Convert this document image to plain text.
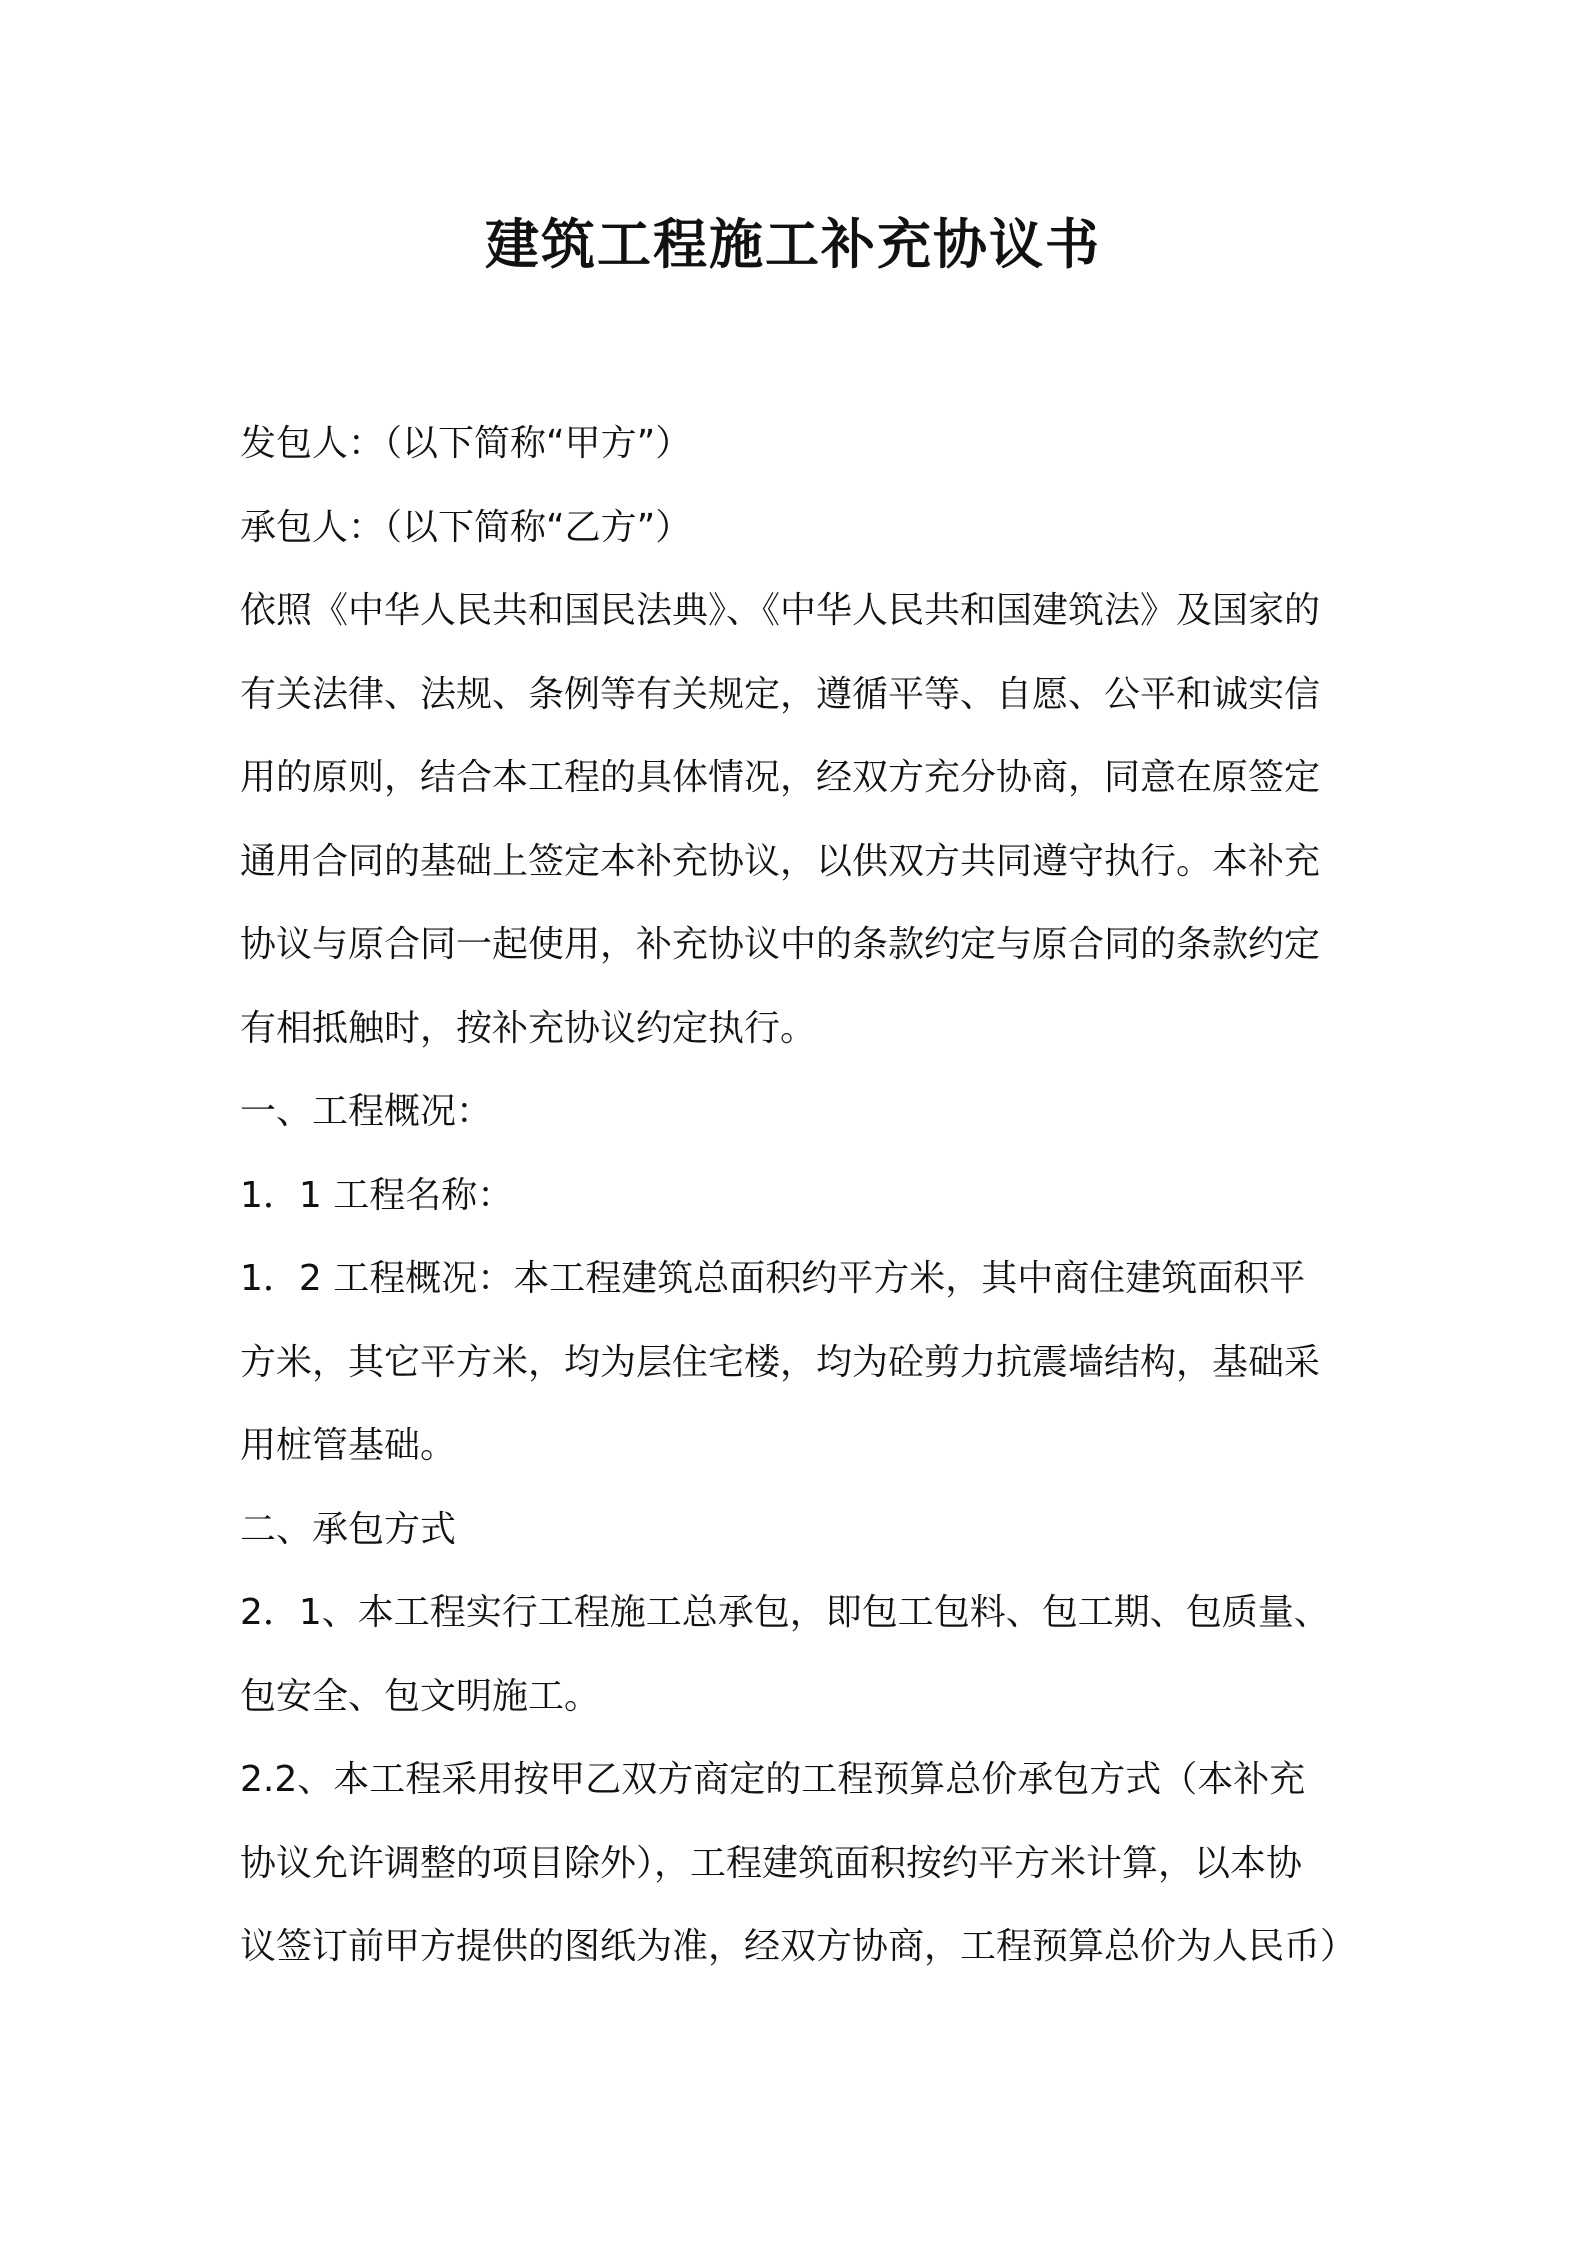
建筑工程施工补充协议书
发包人：（以下简称“甲方”）
承包人：（以下简称“乙方”）
依照《中华人民共和国民法典》、《中华人民共和国建筑法》及国家的
有关法律、法规、条例等有关规定，遵循平等、自愿、公平和诚实信
用的原则，结合本工程的具体情况，经双方充分协商，同意在原签定
通用合同的基础上签定本补充协议，以供双方共同遵守执行。本补充
协议与原合同一起使用，补充协议中的条款约定与原合同的条款约定
有相抵触时，按补充协议约定执行。
一、工程概况：
1．1 工程名称：
1．2 工程概况：本工程建筑总面积约平方米，其中商住建筑面积平
方米，其它平方米，均为层住宅楼，均为砼剪力抗震墙结构，基础采
用桩管基础。
二、承包方式
2．1、本工程实行工程施工总承包，即包工包料、包工期、包质量、
包安全、包文明施工。
2.2、本工程采用按甲乙双方商定的工程预算总价承包方式（本补充
协议允许调整的项目除外），工程建筑面积按约平方米计算，以本协
议签订前甲方提供的图纸为准，经双方协商，工程预算总价为人民币）
